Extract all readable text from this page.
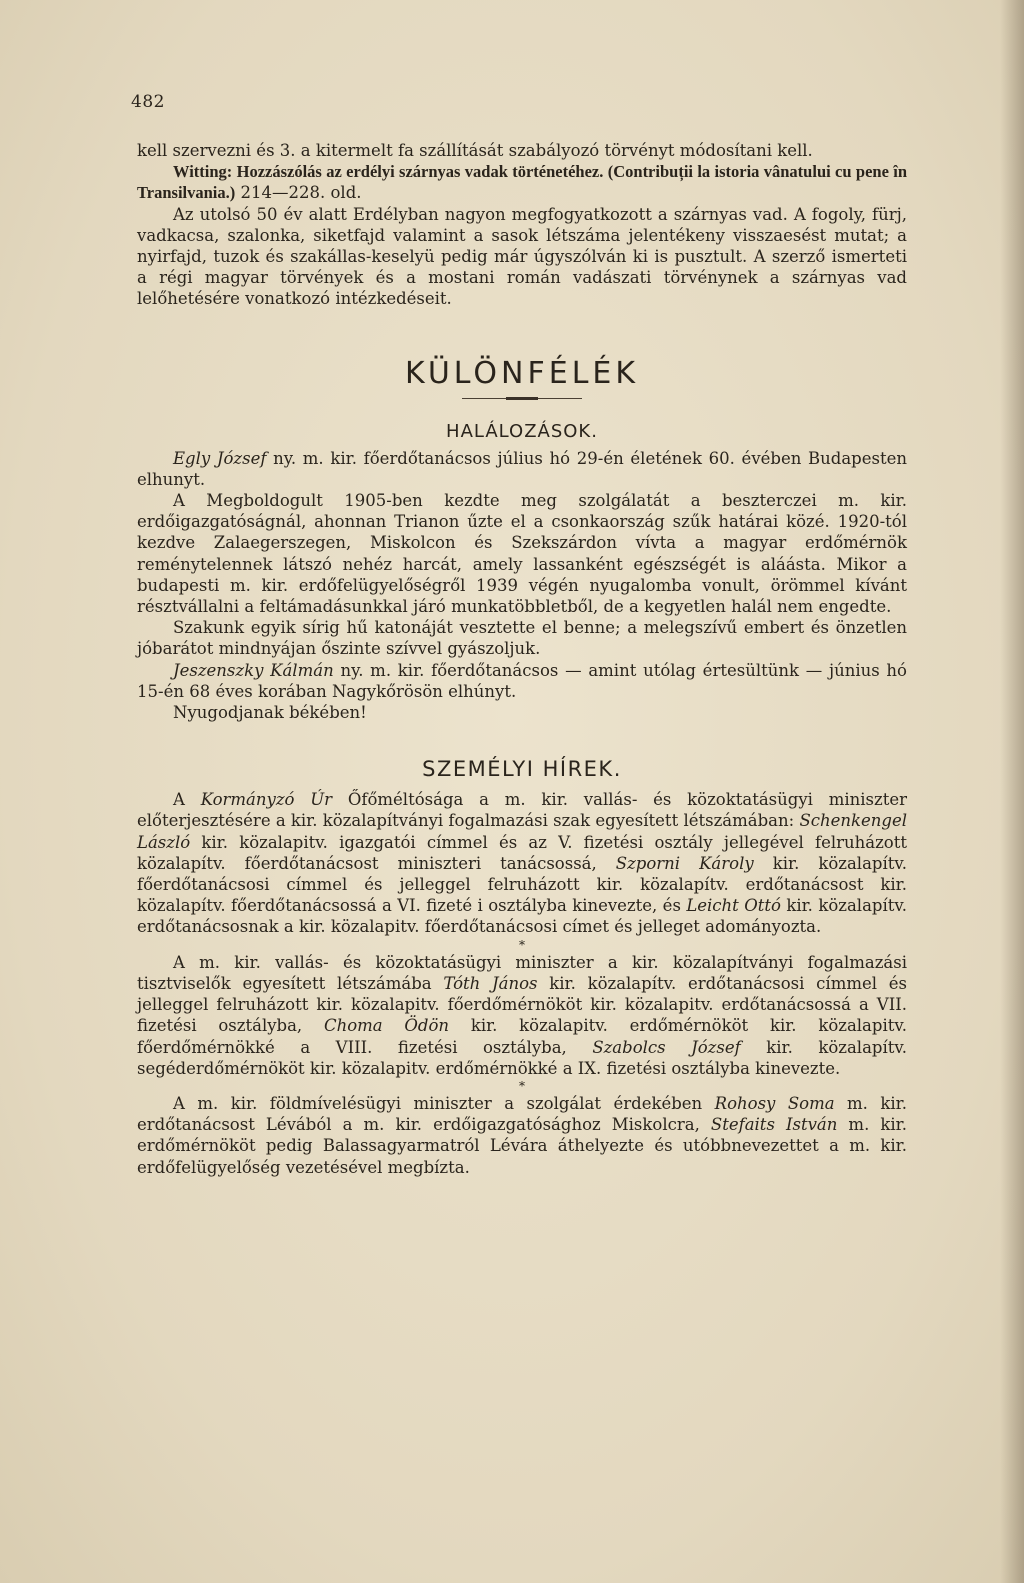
482

kell szervezni és 3. a kitermelt fa szállítását szabályozó törvényt módosítani kell.

Witting: Hozzászólás az erdélyi szárnyas vadak történetéhez. (Contribuții la istoria vânatului cu pene în Transilvania.) 214—228. old.

Az utolsó 50 év alatt Erdélyban nagyon megfogyatkozott a szárnyas vad. A fogoly, fürj, vadkacsa, szalonka, siketfajd valamint a sasok létszáma jelentékeny visszaesést mutat; a nyirfajd, tuzok és szakállas-keselyü pedig már úgyszólván ki is pusztult. A szerző ismerteti a régi magyar törvények és a mostani román vadászati törvénynek a szárnyas vad lelőhetésére vonatkozó intézkedéseit.

KÜLÖNFÉLÉK
HALÁLOZÁSOK.

Egly József ny. m. kir. főerdőtanácsos július hó 29-én életének 60. évében Budapesten elhunyt.

A Megboldogult 1905-ben kezdte meg szolgálatát a beszterczei m. kir. erdőigazgatóságnál, ahonnan Trianon űzte el a csonkaország szűk határai közé. 1920-tól kezdve Zalaegerszegen, Miskolcon és Szekszárdon vívta a magyar erdőmérnök reménytelennek látszó nehéz harcát, amely lassanként egészségét is aláásta. Mikor a budapesti m. kir. erdőfelügyelőségről 1939 végén nyugalomba vonult, örömmel kívánt résztvállalni a feltámadásunkkal járó munkatöbbletből, de a kegyetlen halál nem engedte.

Szakunk egyik sírig hű katonáját vesztette el benne; a melegszívű embert és önzetlen jóbarátot mindnyájan őszinte szívvel gyászoljuk.

Jeszenszky Kálmán ny. m. kir. főerdőtanácsos — amint utólag értesültünk — június hó 15-én 68 éves korában Nagykőrösön elhúnyt.

Nyugodjanak békében!

SZEMÉLYI HÍREK.

A Kormányzó Úr Őfőméltósága a m. kir. vallás- és közoktatásügyi miniszter előterjesztésére a kir. közalapítványi fogalmazási szak egyesített létszámában: Schenkengel László kir. közalapitv. igazgatói címmel és az V. fizetési osztály jellegével felruházott közalapítv. főerdőtanácsost miniszteri tanácsossá, Szporni Károly kir. közalapítv. főerdőtanácsosi címmel és jelleggel felruházott kir. közalapítv. erdőtanácsost kir. közalapítv. főerdőtanácsossá a VI. fizeté i osztályba kinevezte, és Leicht Ottó kir. közalapítv. erdőtanácsosnak a kir. közalapitv. főerdőtanácsosi címet és jelleget adományozta.

*

A m. kir. vallás- és közoktatásügyi miniszter a kir. közalapítványi fogalmazási tisztviselők egyesített létszámába Tóth János kir. közalapítv. erdőtanácsosi címmel és jelleggel felruházott kir. közalapitv. főerdőmérnököt kir. közalapitv. erdőtanácsossá a VII. fizetési osztályba, Choma Ödön kir. közalapitv. erdőmérnököt kir. közalapitv. főerdőmérnökké a VIII. fizetési osztályba, Szabolcs József kir. közalapítv. segéderdőmérnököt kir. közalapitv. erdőmérnökké a IX. fizetési osztályba kinevezte.

*

A m. kir. földmívelésügyi miniszter a szolgálat érdekében Rohosy Soma m. kir. erdőtanácsost Lévából a m. kir. erdőigazgatósághoz Miskolcra, Stefaits István m. kir. erdőmérnököt pedig Balassagyarmatról Lévára áthelyezte és utóbbnevezettet a m. kir. erdőfelügyelőség vezetésével megbízta.
